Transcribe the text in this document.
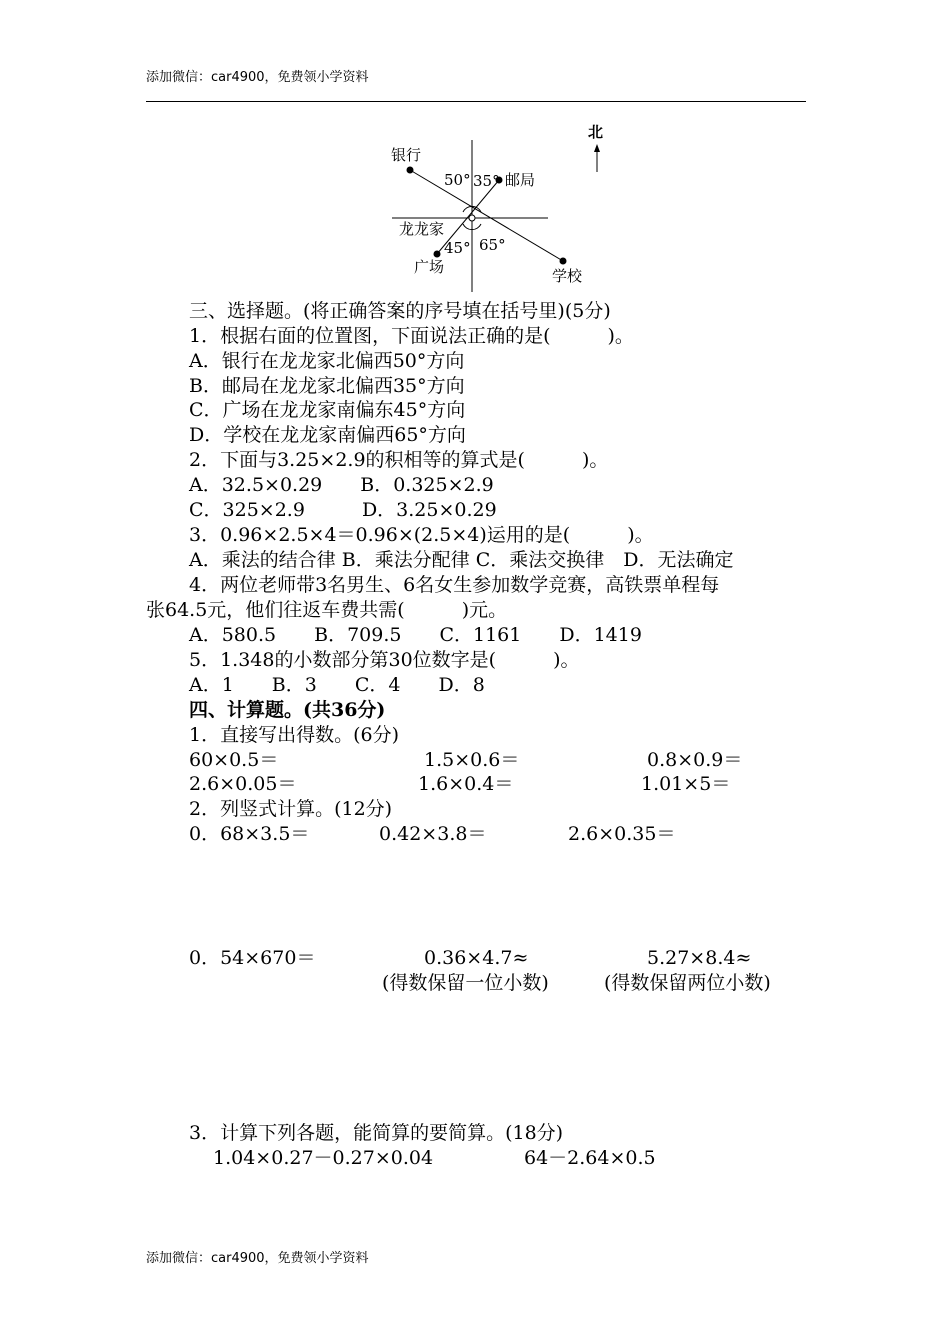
添加微信：car4900，免费领小学资料
北
银行
邮局
龙龙家
广场	学校
50° 35°
45° 65°
三、选择题。(将正确答案的序号填在括号里)(5分)
1．根据右面的位置图，下面说法正确的是(　　　)。
A．银行在龙龙家北偏西50°方向
B．邮局在龙龙家北偏西35°方向
C．广场在龙龙家南偏东45°方向
D．学校在龙龙家南偏西65°方向
2．下面与3.25×2.9的积相等的算式是(　　　)。
A．32.5×0.29　　B．0.325×2.9
C．325×2.9　　　D．3.25×0.29
3．0.96×2.5×4＝0.96×(2.5×4)运用的是(　　　)。
A．乘法的结合律 B．乘法分配律 C．乘法交换律　D．无法确定
4．两位老师带3名男生、6名女生参加数学竞赛，高铁票单程每
张64.5元，他们往返车费共需(　　　)元。
A．580.5　　B．709.5　　C．1161　　D．1419
5．1.348的小数部分第30位数字是(　　　)。
A．1　　B．3　　C．4　　D．8
四、计算题。(共36分)
1．直接写出得数。(6分)
60×0.5＝	1.5×0.6＝	0.8×0.9＝
2.6×0.05＝	1.6×0.4＝	1.01×5＝
2．列竖式计算。(12分)
0．68×3.5＝	0.42×3.8＝	2.6×0.35＝
0．54×670＝	0.36×4.7≈	5.27×8.4≈
(得数保留一位小数)	(得数保留两位小数)
3．计算下列各题，能简算的要简算。(18分)
1.04×0.27－0.27×0.04	64－2.64×0.5
添加微信：car4900，免费领小学资料
